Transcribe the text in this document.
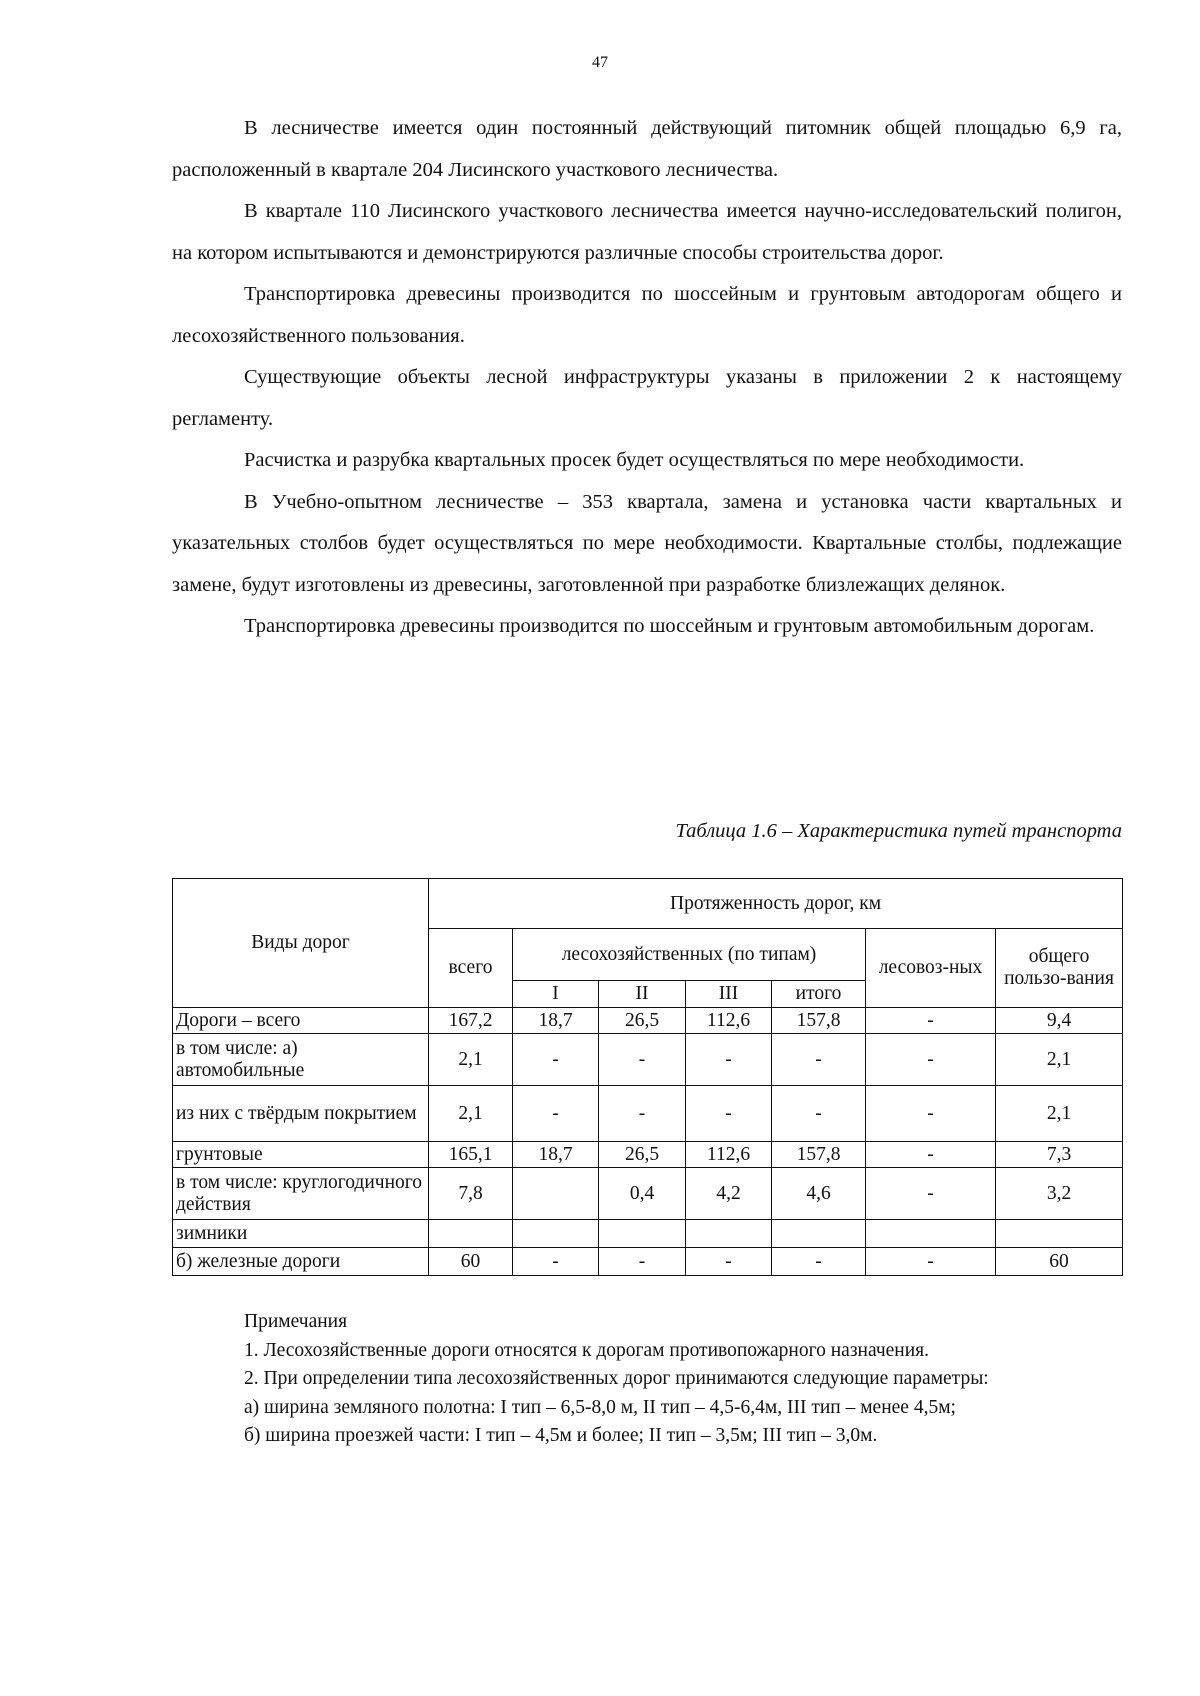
47

В лесничестве имеется один постоянный действующий питомник общей площадью 6,9 га, расположенный в квартале 204 Лисинского участкового лесничества.

В квартале 110 Лисинского участкового лесничества имеется научно-исследовательский полигон, на котором испытываются и демонстрируются различные способы строительства дорог.

Транспортировка древесины производится по шоссейным и грунтовым автодорогам общего и лесохозяйственного пользования.

Существующие объекты лесной инфраструктуры указаны в приложении 2 к настоящему регламенту.

Расчистка и разрубка квартальных просек будет осуществляться по мере необходимости.

В Учебно-опытном лесничестве – 353 квартала, замена и установка части квартальных и указательных столбов будет осуществляться по мере необходимости. Квартальные столбы, подлежащие замене, будут изготовлены из древесины, заготовленной при разработке близлежащих делянок.

Транспортировка древесины производится по шоссейным и грунтовым автомобильным дорогам.

Таблица 1.6 – Характеристика путей транспорта
Виды дорог	Протяженность дорог, км						
	всего	лесохозяйственных (по типам)				лесовоз-ных	общего пользо-вания
		I	II	III	итого		
Дороги – всего	167,2	18,7	26,5	112,6	157,8	-	9,4
в том числе: а) автомобильные	2,1	-	-	-	-	-	2,1
из них с твёрдым покрытием	2,1	-	-	-	-	-	2,1
грунтовые	165,1	18,7	26,5	112,6	157,8	-	7,3
в том числе: круглогодичного действия	7,8		0,4	4,2	4,6	-	3,2
зимники							
б) железные дороги	60	-	-	-	-	-	60

Примечания

1. Лесохозяйственные дороги относятся к дорогам противопожарного назначения.

2. При определении типа лесохозяйственных дорог принимаются следующие параметры:

а) ширина земляного полотна: I тип – 6,5-8,0 м, II тип – 4,5-6,4м, III тип – менее 4,5м;

б) ширина проезжей части: I тип – 4,5м и более; II тип – 3,5м; III тип – 3,0м.
